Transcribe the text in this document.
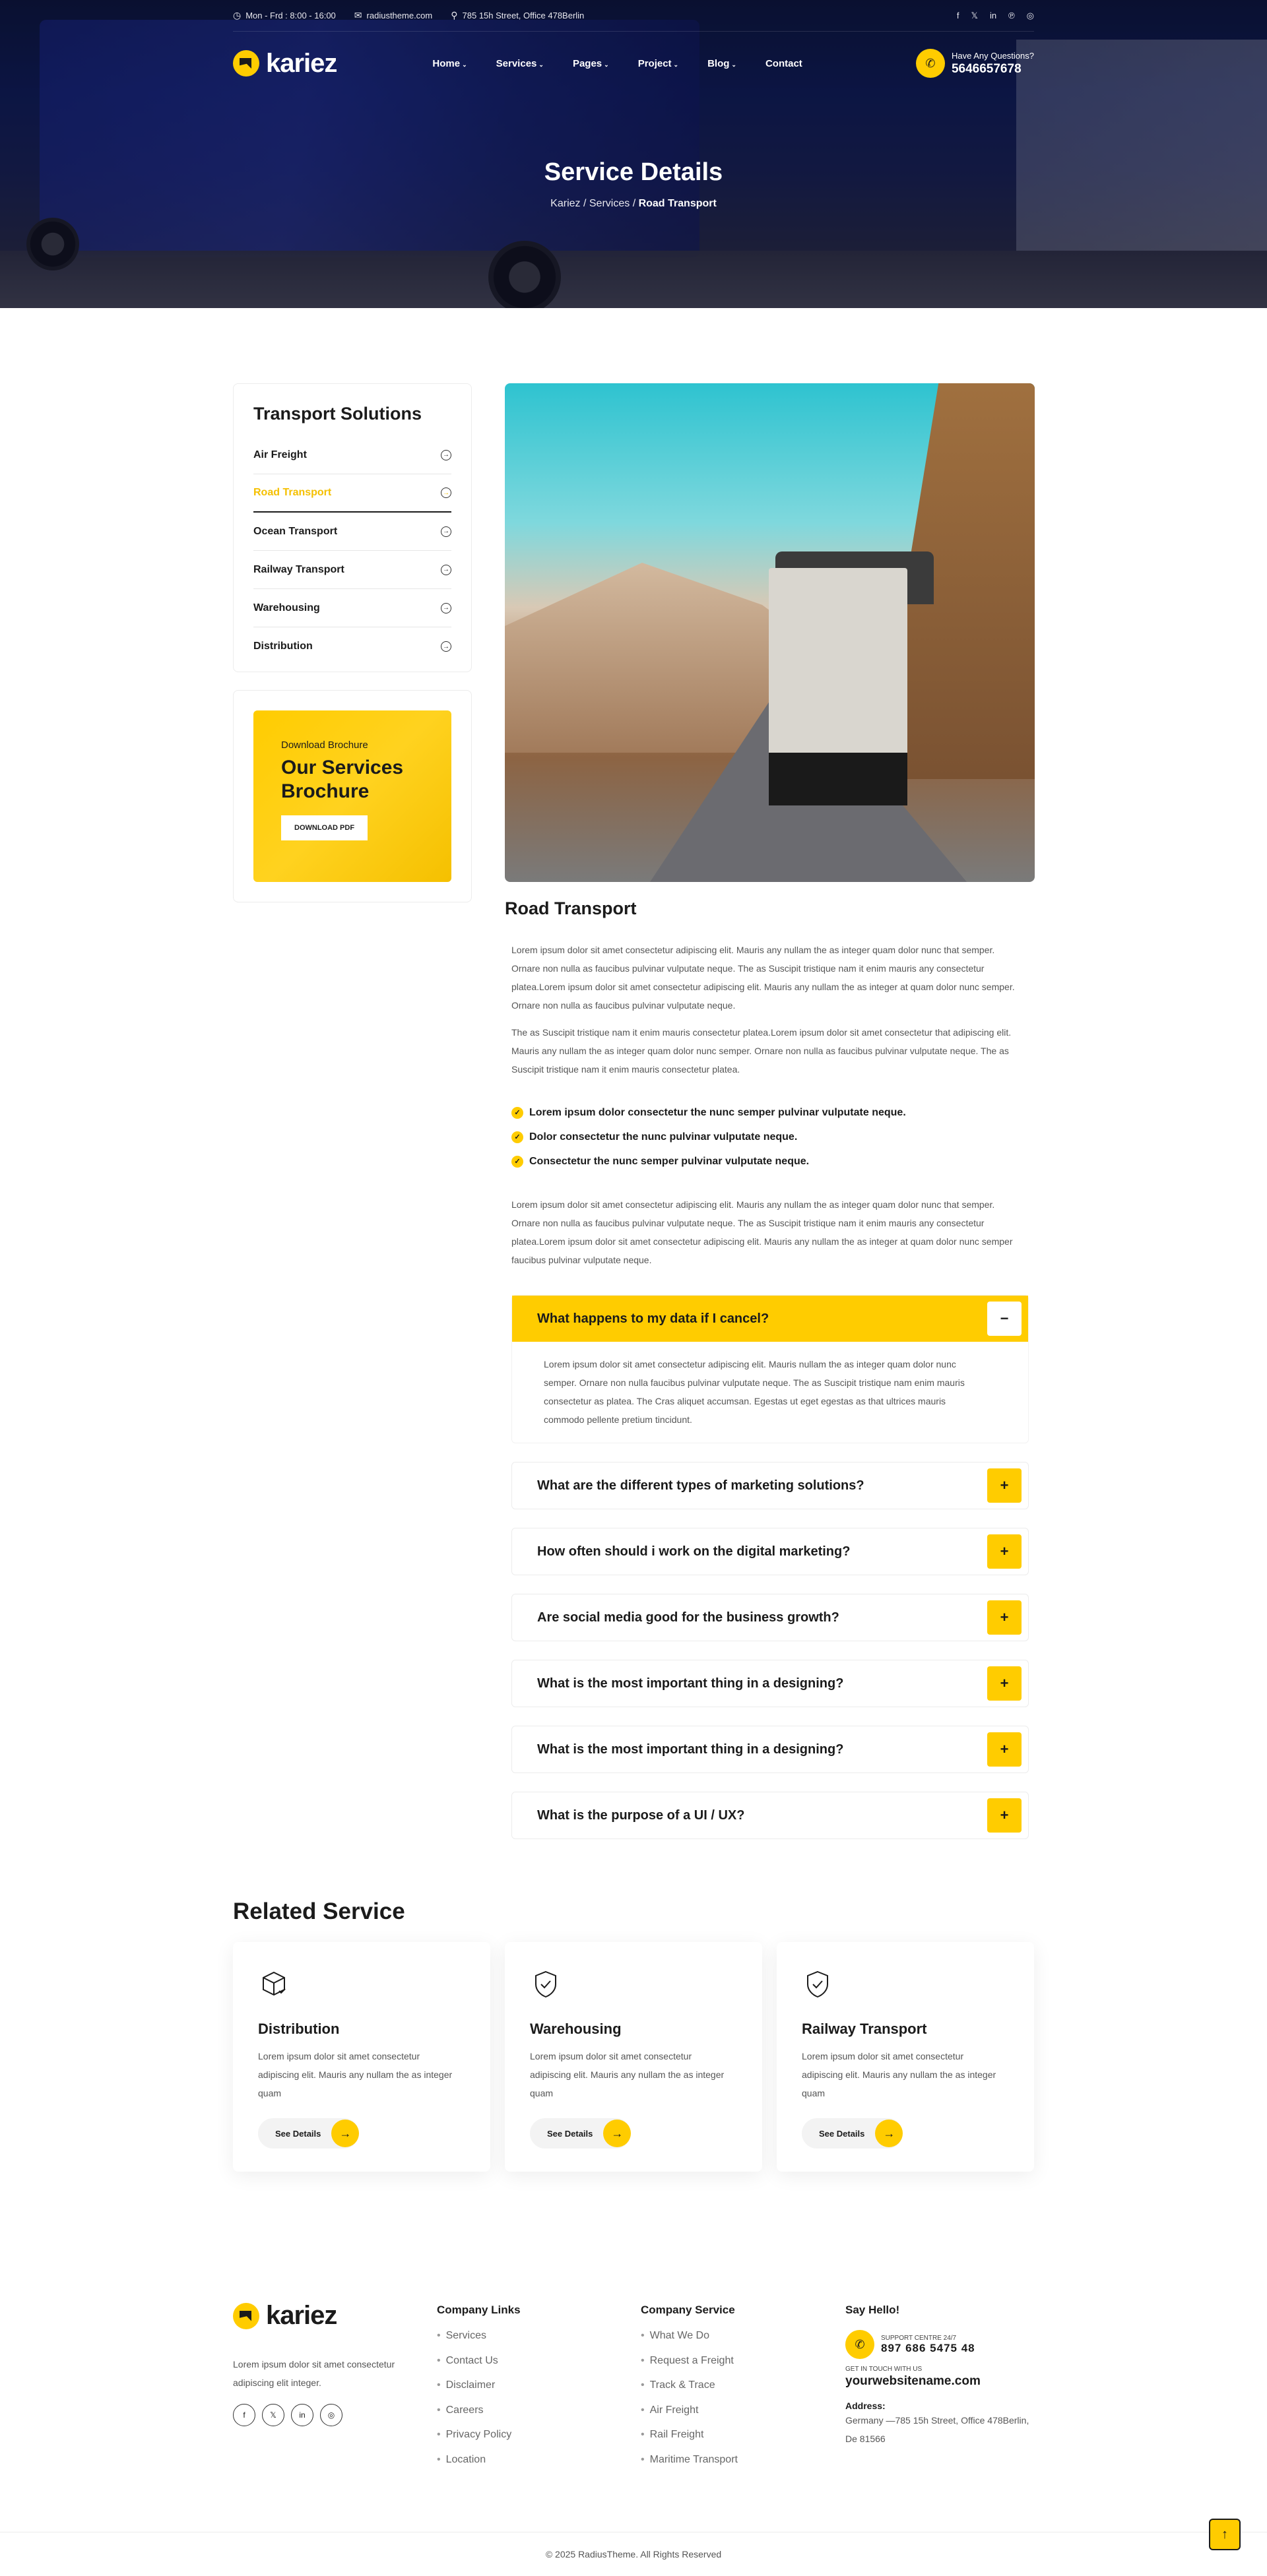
◷ Mon - Frd : 8:00 - 16:00 ✉ radiustheme.com ⚲ 785 15h Street, Office 478Berlin	f 𝕏 in ℗ ◎
kariez	Home ⌄	Services ⌄	Pages ⌄	Project ⌄	Blog ⌄	Contact	✆
Have Any Questions?
5646657678
Service Details
Kariez / Services / Road Transport
Transport Solutions
Air Freight	→
Road Transport	→
Ocean Transport	→
Railway Transport	→
Warehousing	→
Distribution	→
Download Brochure
Our Services Brochure
DOWNLOAD PDF
Road Transport

Lorem ipsum dolor sit amet consectetur adipiscing elit. Mauris any nullam the as integer quam dolor nunc that semper. Ornare non nulla as faucibus pulvinar vulputate neque. The as Suscipit tristique nam it enim mauris any consectetur platea.Lorem ipsum dolor sit amet consectetur adipiscing elit. Mauris any nullam the as integer at quam dolor nunc semper. Ornare non nulla as faucibus pulvinar vulputate neque.

The as Suscipit tristique nam it enim mauris consectetur platea.Lorem ipsum dolor sit amet consectetur that adipiscing elit. Mauris any nullam the as integer quam dolor nunc semper. Ornare non nulla as faucibus pulvinar vulputate neque. The as Suscipit tristique nam it enim mauris consectetur platea.

✓ Lorem ipsum dolor consectetur the nunc semper pulvinar vulputate neque.
✓ Dolor consectetur the nunc pulvinar vulputate neque.
✓ Consectetur the nunc semper pulvinar vulputate neque.

Lorem ipsum dolor sit amet consectetur adipiscing elit. Mauris any nullam the as integer quam dolor nunc that semper. Ornare non nulla as faucibus pulvinar vulputate neque. The as Suscipit tristique nam it enim mauris any consectetur platea.Lorem ipsum dolor sit amet consectetur adipiscing elit. Mauris any nullam the as integer at quam dolor nunc semper faucibus pulvinar vulputate neque.

What happens to my data if I cancel?	−
Lorem ipsum dolor sit amet consectetur adipiscing elit. Mauris nullam the as integer quam dolor nunc semper. Ornare non nulla faucibus pulvinar vulputate neque. The as Suscipit tristique nam enim mauris consectetur as platea. The Cras aliquet accumsan. Egestas ut eget egestas as that ultrices mauris commodo pellente pretium tincidunt.
What are the different types of marketing solutions?	+
How often should i work on the digital marketing?	+
Are social media good for the business growth?	+
What is the most important thing in a designing?	+
What is the most important thing in a designing?	+
What is the purpose of a UI / UX?	+
Related Service
Distribution
Lorem ipsum dolor sit amet consectetur adipiscing elit. Mauris any nullam the as integer quam
See Details	→
Warehousing
Lorem ipsum dolor sit amet consectetur adipiscing elit. Mauris any nullam the as integer quam
See Details	→
Railway Transport
Lorem ipsum dolor sit amet consectetur adipiscing elit. Mauris any nullam the as integer quam
See Details	→
kariez

Lorem ipsum dolor sit amet consectetur adipiscing elit integer.

f	𝕏	in	◎
Company Links
• Services
• Contact Us
• Disclaimer
• Careers
• Privacy Policy
• Location
Company Service
• What We Do
• Request a Freight
• Track & Trace
• Air Freight
• Rail Freight
• Maritime Transport
Say Hello!
✆	SUPPORT CENTRE 24/7
897 686 5475 48
GET IN TOUCH WITH US
yourwebsitename.com
Address:
Germany —785 15h Street, Office 478Berlin, De 81566
© 2025 RadiusTheme. All Rights Reserved
↑
